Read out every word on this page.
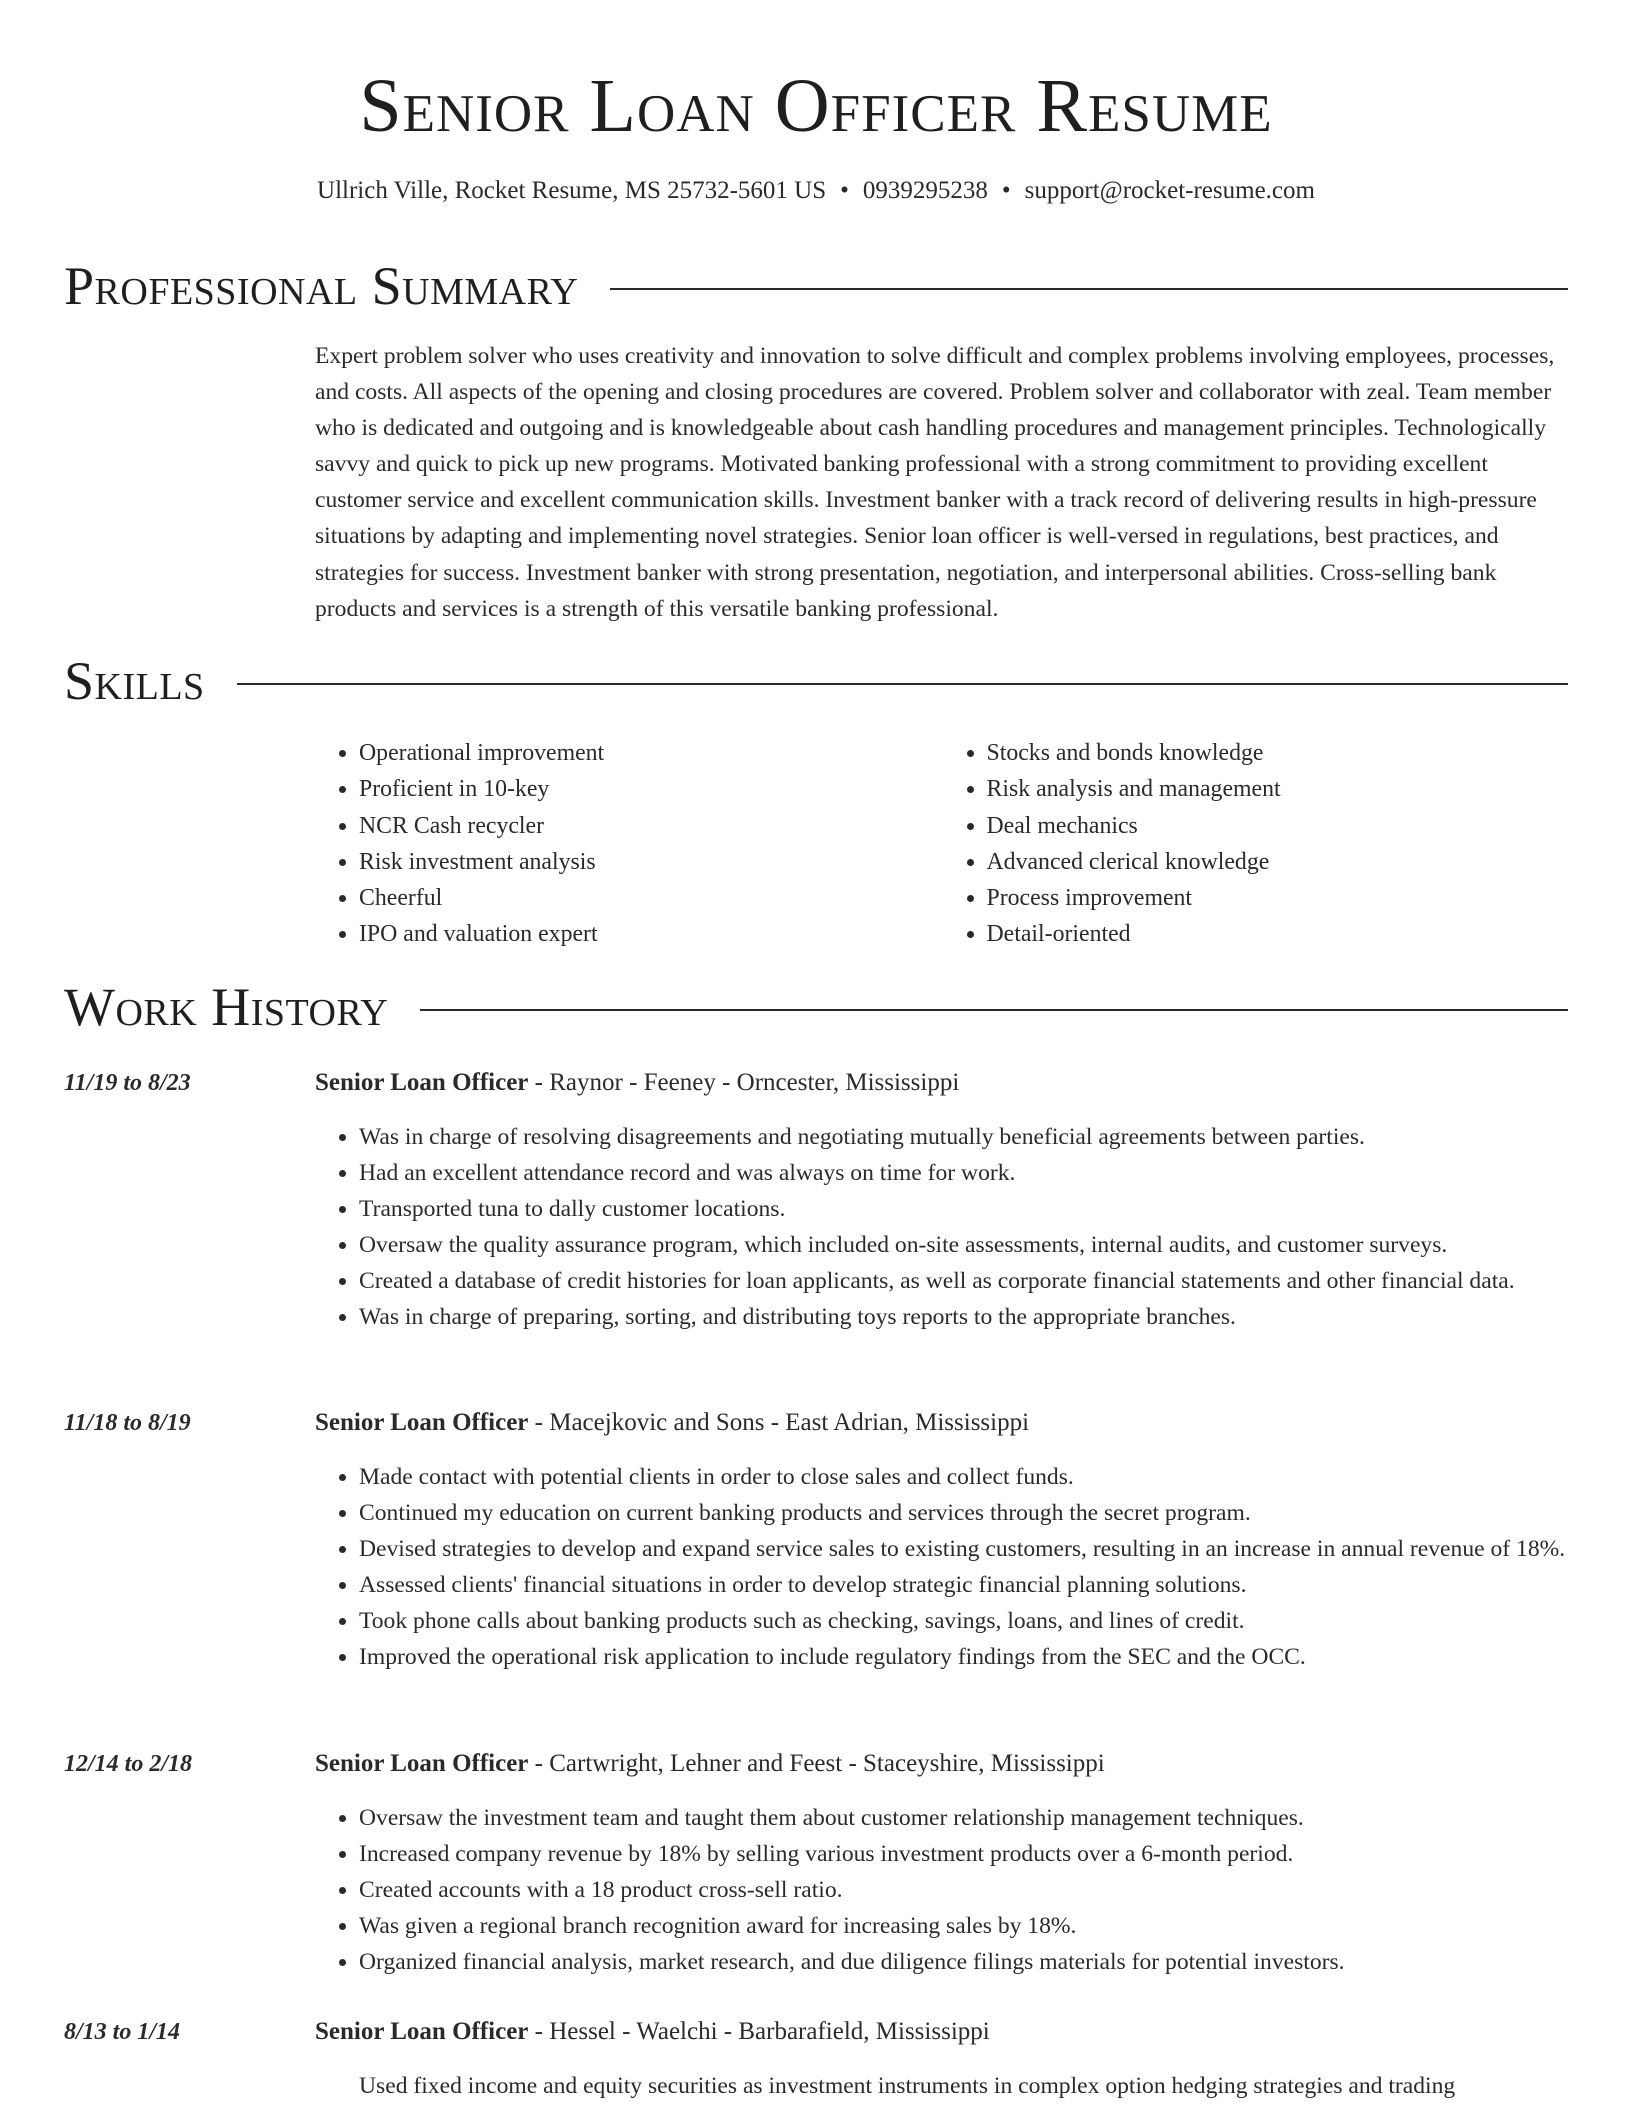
Senior Loan Officer Resume
Ullrich Ville, Rocket Resume, MS 25732-5601 US • 0939295238 • support@rocket-resume.com
Professional Summary
Expert problem solver who uses creativity and innovation to solve difficult and complex problems involving employees, processes, and costs. All aspects of the opening and closing procedures are covered. Problem solver and collaborator with zeal. Team member who is dedicated and outgoing and is knowledgeable about cash handling procedures and management principles. Technologically savvy and quick to pick up new programs. Motivated banking professional with a strong commitment to providing excellent customer service and excellent communication skills. Investment banker with a track record of delivering results in high-pressure situations by adapting and implementing novel strategies. Senior loan officer is well-versed in regulations, best practices, and strategies for success. Investment banker with strong presentation, negotiation, and interpersonal abilities. Cross-selling bank products and services is a strength of this versatile banking professional.
Skills
• Operational improvement
• Proficient in 10-key
• NCR Cash recycler
• Risk investment analysis
• Cheerful
• IPO and valuation expert
• Stocks and bonds knowledge
• Risk analysis and management
• Deal mechanics
• Advanced clerical knowledge
• Process improvement
• Detail-oriented
Work History
11/19 to 8/23	Senior Loan Officer - Raynor - Feeney - Orncester, Mississippi
• Was in charge of resolving disagreements and negotiating mutually beneficial agreements between parties.
• Had an excellent attendance record and was always on time for work.
• Transported tuna to dally customer locations.
• Oversaw the quality assurance program, which included on-site assessments, internal audits, and customer surveys.
• Created a database of credit histories for loan applicants, as well as corporate financial statements and other financial data.
• Was in charge of preparing, sorting, and distributing toys reports to the appropriate branches.
11/18 to 8/19	Senior Loan Officer - Macejkovic and Sons - East Adrian, Mississippi
• Made contact with potential clients in order to close sales and collect funds.
• Continued my education on current banking products and services through the secret program.
• Devised strategies to develop and expand service sales to existing customers, resulting in an increase in annual revenue of 18%.
• Assessed clients' financial situations in order to develop strategic financial planning solutions.
• Took phone calls about banking products such as checking, savings, loans, and lines of credit.
• Improved the operational risk application to include regulatory findings from the SEC and the OCC.
12/14 to 2/18	Senior Loan Officer - Cartwright, Lehner and Feest - Staceyshire, Mississippi
• Oversaw the investment team and taught them about customer relationship management techniques.
• Increased company revenue by 18% by selling various investment products over a 6-month period.
• Created accounts with a 18 product cross-sell ratio.
• Was given a regional branch recognition award for increasing sales by 18%.
• Organized financial analysis, market research, and due diligence filings materials for potential investors.
8/13 to 1/14	Senior Loan Officer - Hessel - Waelchi - Barbarafield, Mississippi
• Used fixed income and equity securities as investment instruments in complex option hedging strategies and trading
